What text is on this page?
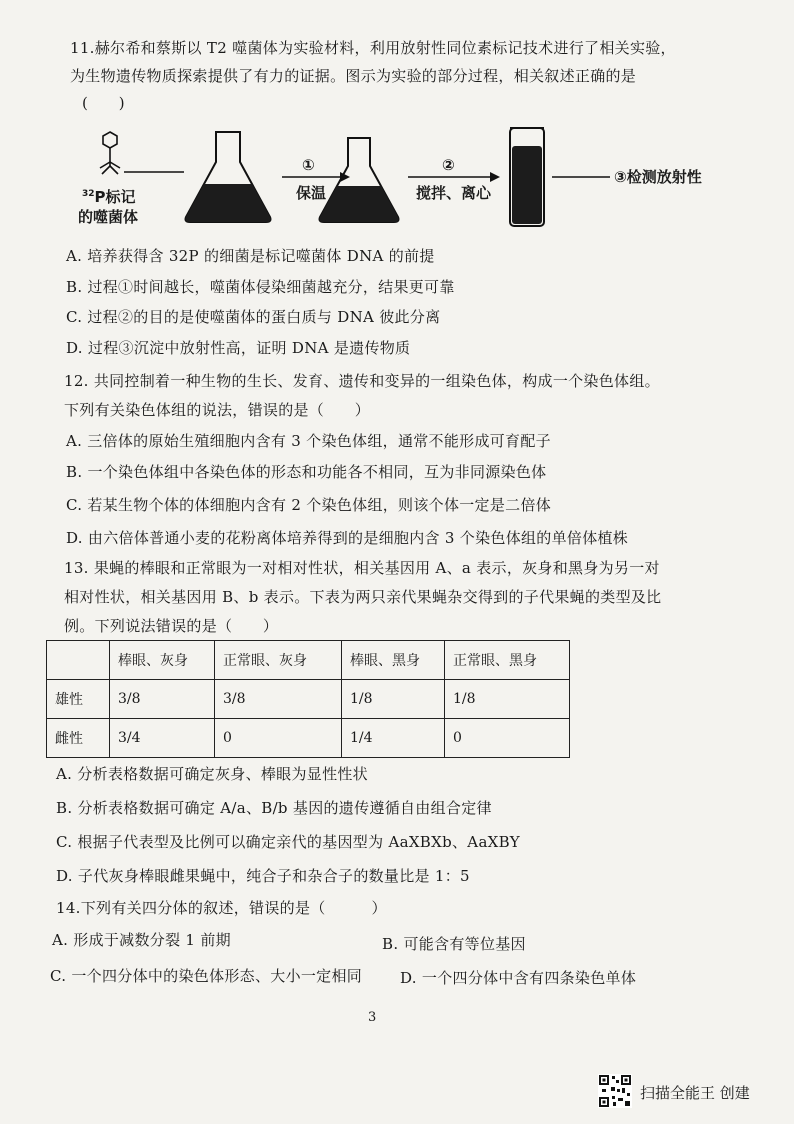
11.赫尔希和蔡斯以 T2 噬菌体为实验材料，利用放射性同位素标记技术进行了相关实验，
为生物遗传物质探索提供了有力的证据。图示为实验的部分过程，相关叙述正确的是
(　　)
$^{32}$P标记
的噬菌体
①
保温
②
搅拌、离心
③检测放射性
A. 培养获得含 32P 的细菌是标记噬菌体 DNA 的前提
B. 过程①时间越长，噬菌体侵染细菌越充分，结果更可靠
C. 过程②的目的是使噬菌体的蛋白质与 DNA 彼此分离
D. 过程③沉淀中放射性高，证明 DNA 是遗传物质
12. 共同控制着一种生物的生长、发育、遗传和变异的一组染色体，构成一个染色体组。
下列有关染色体组的说法，错误的是（　　）
A. 三倍体的原始生殖细胞内含有 3 个染色体组，通常不能形成可育配子
B. 一个染色体组中各染色体的形态和功能各不相同，互为非同源染色体
C. 若某生物个体的体细胞内含有 2 个染色体组，则该个体一定是二倍体
D. 由六倍体普通小麦的花粉离体培养得到的是细胞内含 3 个染色体组的单倍体植株
13. 果蝇的棒眼和正常眼为一对相对性状，相关基因用 A、a 表示，灰身和黑身为另一对
相对性状，相关基因用 B、b 表示。下表为两只亲代果蝇杂交得到的子代果蝇的类型及比
例。下列说法错误的是（　　）
	棒眼、灰身	正常眼、灰身	棒眼、黑身	正常眼、黑身
雄性	3/8	3/8	1/8	1/8
雌性	3/4	0	1/4	0
A. 分析表格数据可确定灰身、棒眼为显性性状
B. 分析表格数据可确定 A/a、B/b 基因的遗传遵循自由组合定律
C. 根据子代表型及比例可以确定亲代的基因型为 AaXBXb、AaXBY
D. 子代灰身棒眼雌果蝇中，纯合子和杂合子的数量比是 1：5
14.下列有关四分体的叙述，错误的是（　　　）
A. 形成于减数分裂 1 前期	B. 可能含有等位基因
C. 一个四分体中的染色体形态、大小一定相同	D. 一个四分体中含有四条染色单体
3
扫描全能王 创建
